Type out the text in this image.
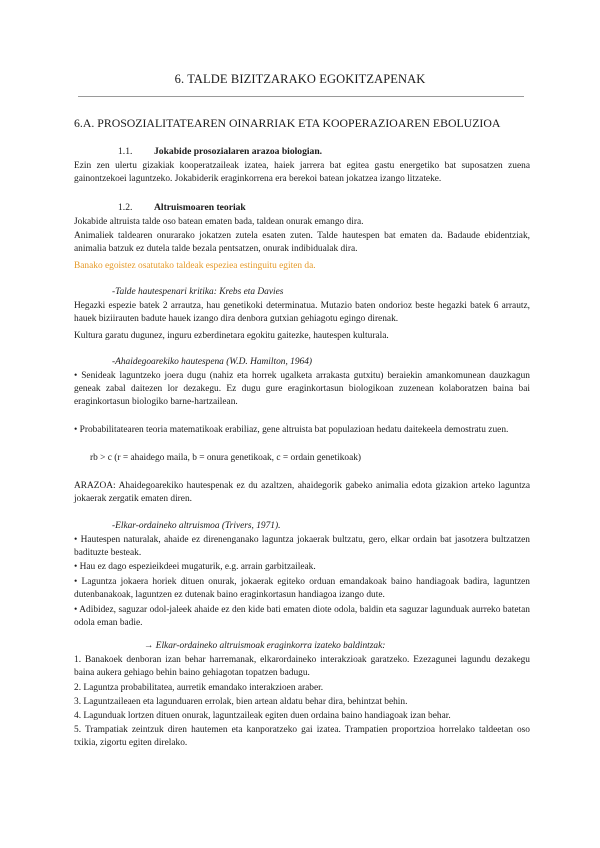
6. TALDE BIZITZARAKO EGOKITZAPENAK
6.A. PROSOZIALITATEAREN OINARRIAK ETA KOOPERAZIOAREN EBOLUZIOA
1.1. Jokabide prosozialaren arazoa biologian.

Ezin zen ulertu gizakiak kooperatzaileak izatea, haiek jarrera bat egitea gastu energetiko bat suposatzen zuena gainontzekoei laguntzeko. Jokabiderik eraginkorrena era berekoi batean jokatzea izango litzateke.

1.2. Altruismoaren teoriak

Jokabide altruista talde oso batean ematen bada, taldean onurak emango dira.

Animaliek taldearen onurarako jokatzen zutela esaten zuten. Talde hautespen bat ematen da. Badaude ebidentziak, animalia batzuk ez dutela talde bezala pentsatzen, onurak indibidualak dira.

Banako egoistez osatutako taldeak espeziea estinguitu egiten da.

-Talde hautespenari kritika: Krebs eta Davies

Hegazki espezie batek 2 arrautza, hau genetikoki determinatua. Mutazio baten ondorioz beste hegazki batek 6 arrautz, hauek biziirauten badute hauek izango dira denbora gutxian gehiagotu egingo direnak.

Kultura garatu dugunez, inguru ezberdinetara egokitu gaitezke, hautespen kulturala.

-Ahaidegoarekiko hautespena (W.D. Hamilton, 1964)

• Senideak laguntzeko joera dugu (nahiz eta horrek ugalketa arrakasta gutxitu) beraiekin amankomunean dauzkagun geneak zabal daitezen lor dezakegu. Ez dugu gure eraginkortasun biologikoan zuzenean kolaboratzen baina bai eraginkortasun biologiko barne-hartzailean.

• Probabilitatearen teoria matematikoak erabiliaz, gene altruista bat populazioan hedatu daitekeela demostratu zuen.

rb > c (r = ahaidego maila, b = onura genetikoak, c = ordain genetikoak)

ARAZOA: Ahaidegoarekiko hautespenak ez du azaltzen, ahaidegorik gabeko animalia edota gizakion arteko laguntza jokaerak zergatik ematen diren.

-Elkar-ordaineko altruismoa (Trivers, 1971).

• Hautespen naturalak, ahaide ez direnenganako laguntza jokaerak bultzatu, gero, elkar ordain bat jasotzera bultzatzen badituzte besteak.

• Hau ez dago espezieikdeei mugaturik, e.g. arrain garbitzaileak.

• Laguntza jokaera horiek dituen onurak, jokaerak egiteko orduan emandakoak baino handiagoak badira, laguntzen dutenbanakoak, laguntzen ez dutenak baino eraginkortasun handiagoa izango dute.

• Adibidez, saguzar odol-jaleek ahaide ez den kide bati ematen diote odola, baldin eta saguzar lagunduak aurreko batetan odola eman badie.

→ Elkar-ordaineko altruismoak eraginkorra izateko baldintzak:

1. Banakoek denboran izan behar harremanak, elkarordaineko interakzioak garatzeko. Ezezagunei lagundu dezakegu baina aukera gehiago behin baino gehiagotan topatzen badugu.

2. Laguntza probabilitatea, aurretik emandako interakzioen araber.

3. Laguntzaileaen eta lagunduaren errolak, bien artean aldatu behar dira, behintzat behin.

4. Lagunduak lortzen dituen onurak, laguntzaileak egiten duen ordaina baino handiagoak izan behar.

5. Trampatiak zeintzuk diren hautemen eta kanporatzeko gai izatea. Trampatien proportzioa horrelako taldeetan oso txikia, zigortu egiten direlako.
